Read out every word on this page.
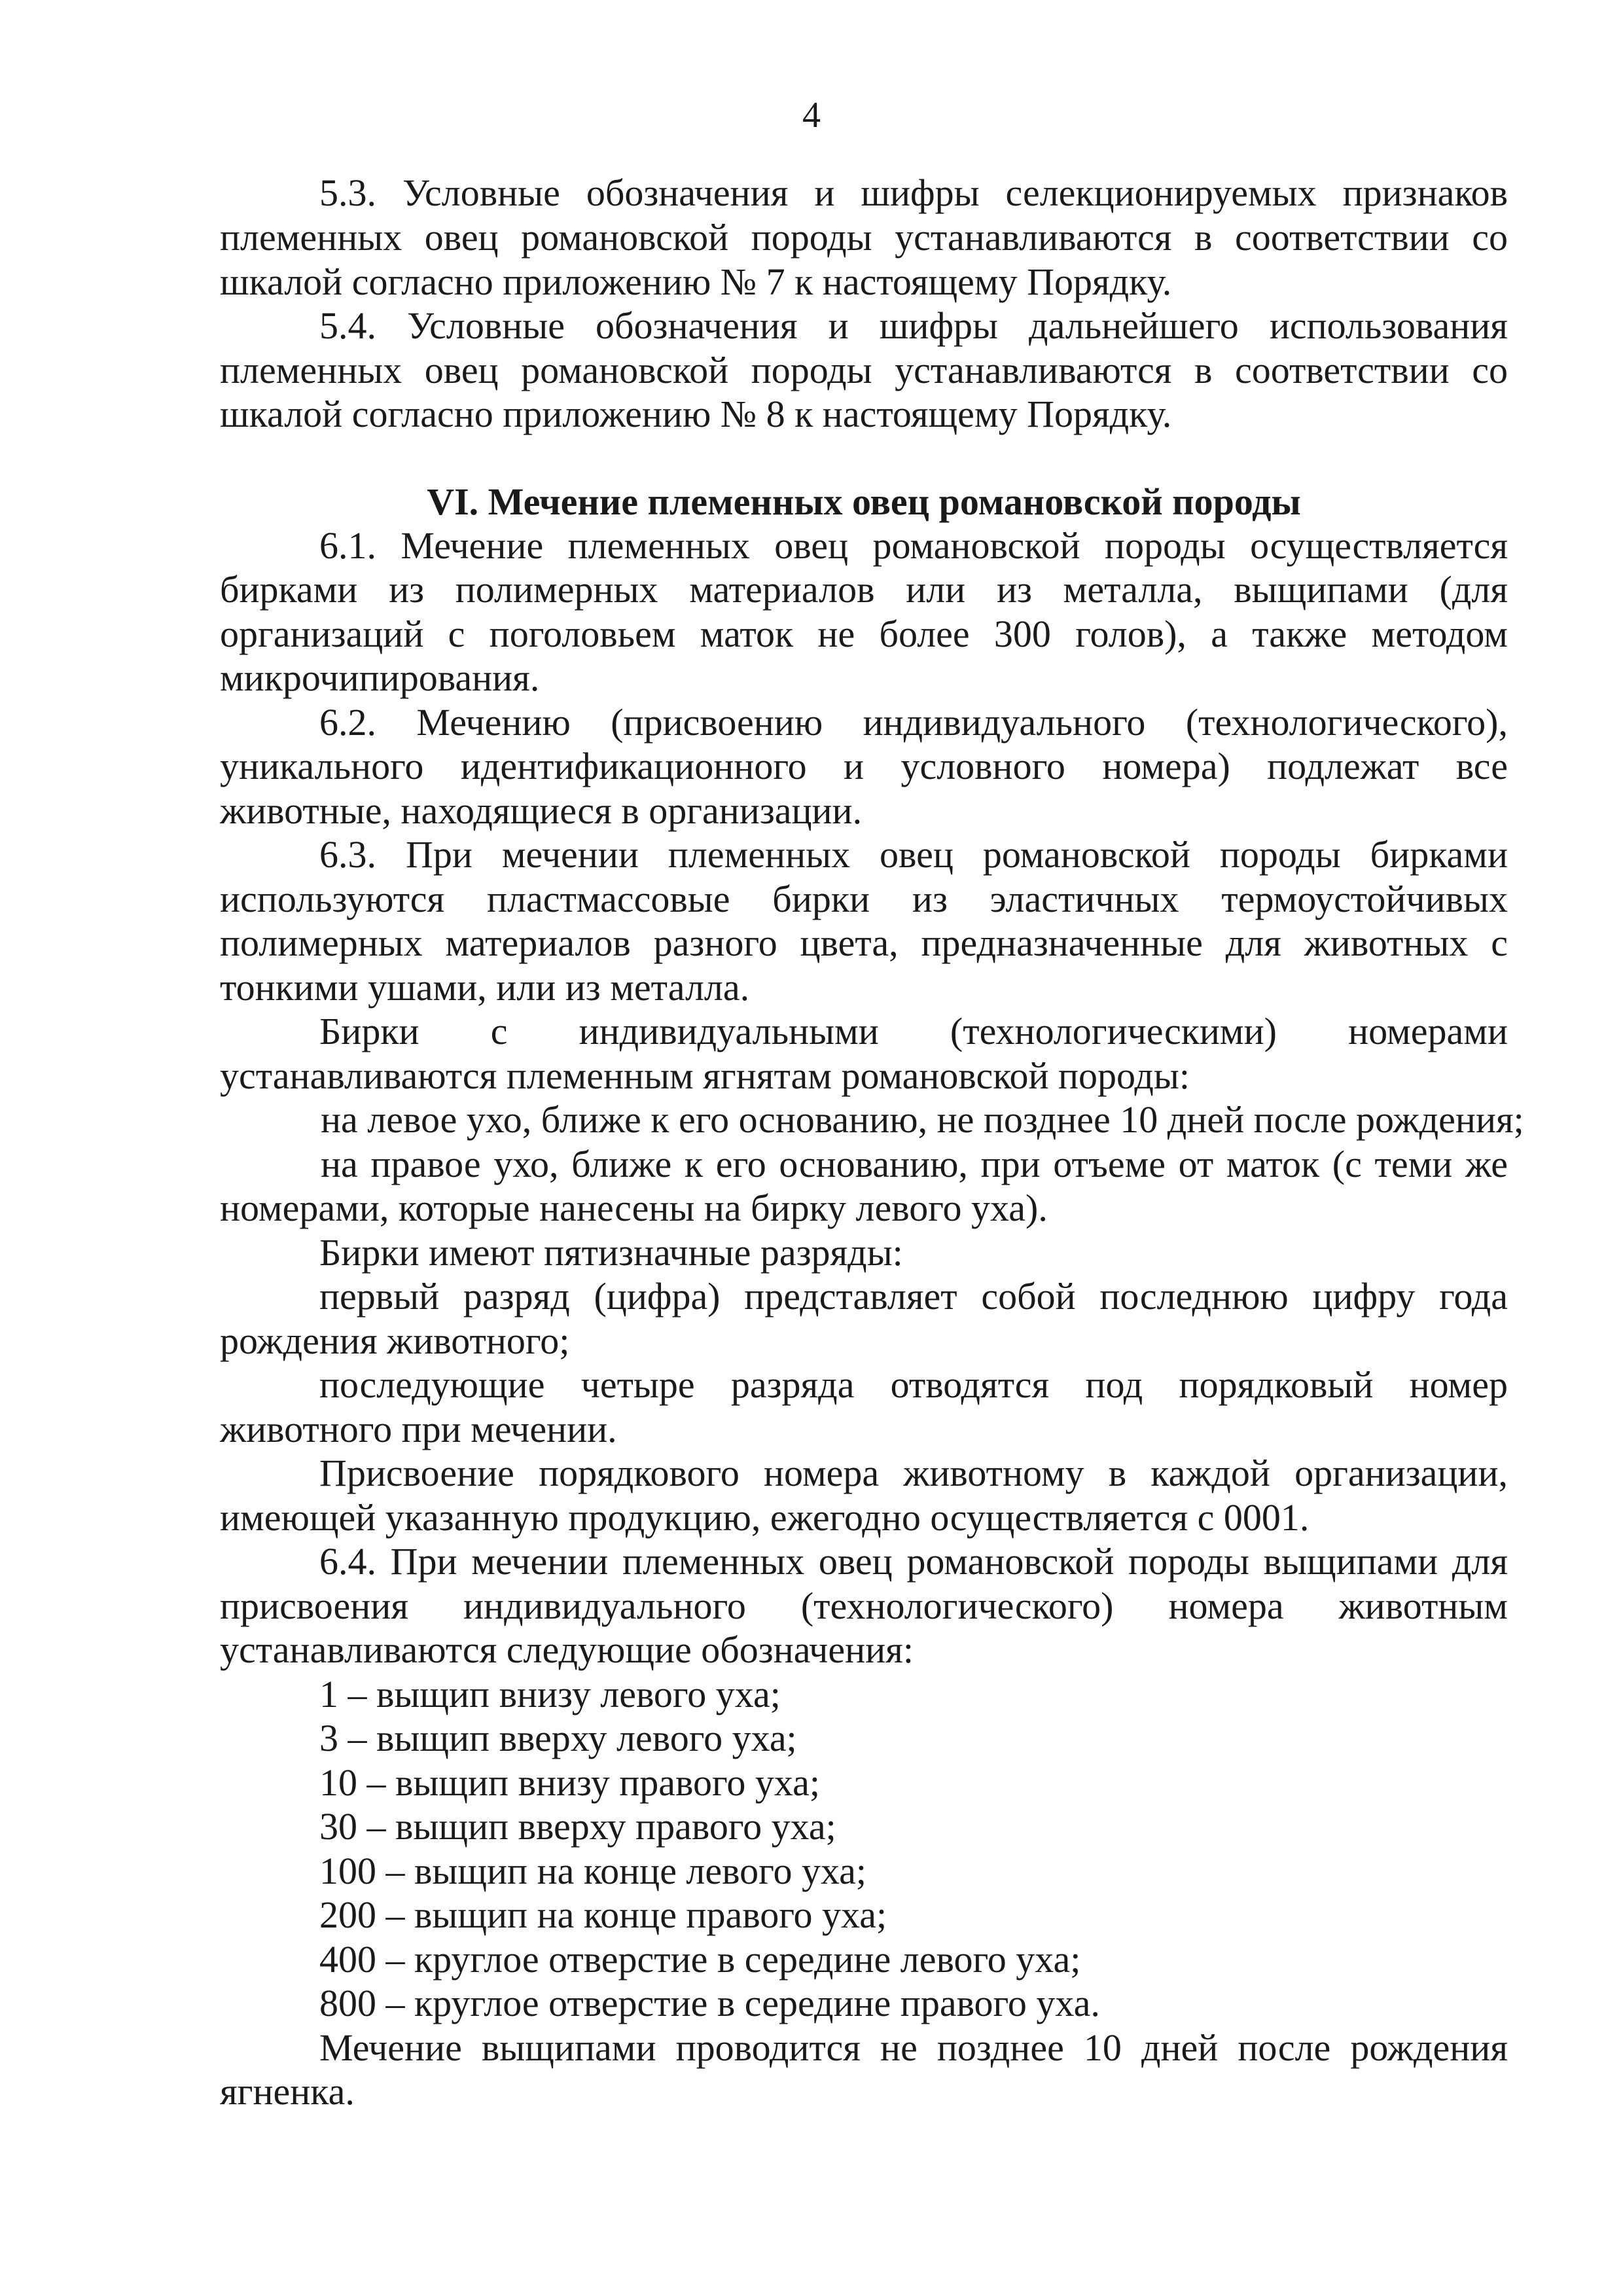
4
5.3. Условные обозначения и шифры селекционируемых признаков
племенных овец романовской породы устанавливаются в соответствии со
шкалой согласно приложению № 7 к настоящему Порядку.
5.4. Условные обозначения и шифры дальнейшего использования
племенных овец романовской породы устанавливаются в соответствии со
шкалой согласно приложению № 8 к настоящему Порядку.
VI. Мечение племенных овец романовской породы
6.1. Мечение племенных овец романовской породы осуществляется
бирками из полимерных материалов или из металла, выщипами (для
организаций с поголовьем маток не более 300 голов), а также методом
микрочипирования.
6.2. Мечению (присвоению индивидуального (технологического),
уникального идентификационного и условного номера) подлежат все
животные, находящиеся в организации.
6.3. При мечении племенных овец романовской породы бирками
используются пластмассовые бирки из эластичных термоустойчивых
полимерных материалов разного цвета, предназначенные для животных с
тонкими ушами, или из металла.
Бирки с индивидуальными (технологическими) номерами
устанавливаются племенным ягнятам романовской породы:
на левое ухо, ближе к его основанию, не позднее 10 дней после рождения;
на правое ухо, ближе к его основанию, при отъеме от маток (с теми же
номерами, которые нанесены на бирку левого уха).
Бирки имеют пятизначные разряды:
первый разряд (цифра) представляет собой последнюю цифру года
рождения животного;
последующие четыре разряда отводятся под порядковый номер
животного при мечении.
Присвоение порядкового номера животному в каждой организации,
имеющей указанную продукцию, ежегодно осуществляется с 0001.
6.4. При мечении племенных овец романовской породы выщипами для
присвоения индивидуального (технологического) номера животным
устанавливаются следующие обозначения:
1 – выщип внизу левого уха;
3 – выщип вверху левого уха;
10 – выщип внизу правого уха;
30 – выщип вверху правого уха;
100 – выщип на конце левого уха;
200 – выщип на конце правого уха;
400 – круглое отверстие в середине левого уха;
800 – круглое отверстие в середине правого уха.
Мечение выщипами проводится не позднее 10 дней после рождения
ягненка.
